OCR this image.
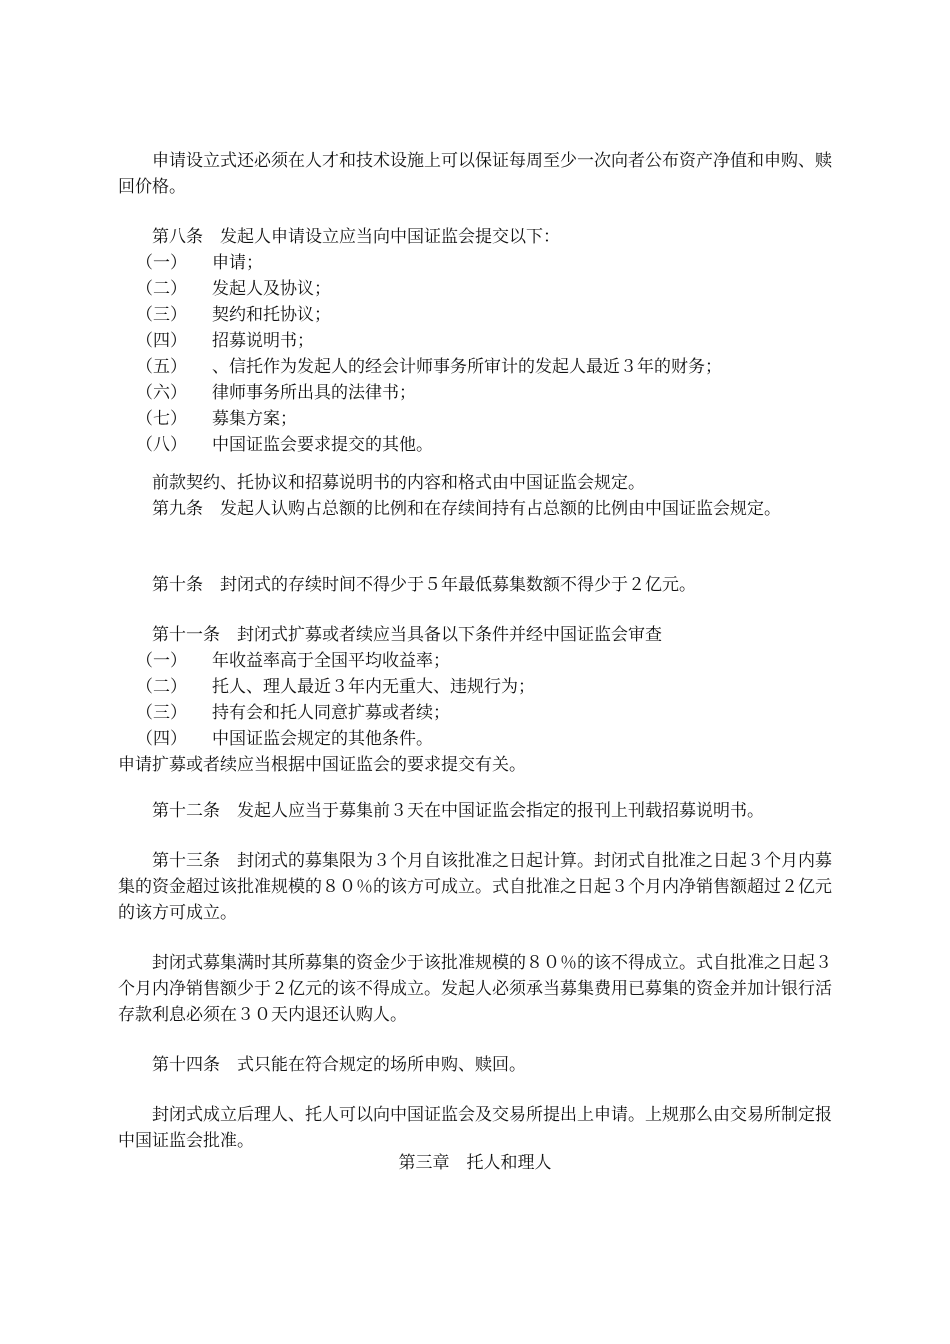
申请设立式还必须在人才和技术设施上可以保证每周至少一次向者公布资产净值和申购、赎回价格。

第八条　发起人申请设立应当向中国证监会提交以下：

（一）	申请；
（二）	发起人及协议；
（三）	契约和托协议；
（四）	招募说明书；
（五）	、信托作为发起人的经会计师事务所审计的发起人最近３年的财务；
（六）	律师事务所出具的法律书；
（七）	募集方案；
（八）	中国证监会要求提交的其他。

前款契约、托协议和招募说明书的内容和格式由中国证监会规定。

第九条　发起人认购占总额的比例和在存续间持有占总额的比例由中国证监会规定。

第十条　封闭式的存续时间不得少于５年最低募集数额不得少于２亿元。

第十一条　封闭式扩募或者续应当具备以下条件并经中国证监会审查

（一）	年收益率高于全国平均收益率；
（二）	托人、理人最近３年内无重大、违规行为；
（三）	持有会和托人同意扩募或者续；
（四）	中国证监会规定的其他条件。

申请扩募或者续应当根据中国证监会的要求提交有关。

第十二条　发起人应当于募集前３天在中国证监会指定的报刊上刊载招募说明书。

第十三条　封闭式的募集限为３个月自该批准之日起计算。封闭式自批准之日起３个月内募集的资金超过该批准规模的８０％的该方可成立。式自批准之日起３个月内净销售额超过２亿元的该方可成立。

封闭式募集满时其所募集的资金少于该批准规模的８０％的该不得成立。式自批准之日起３个月内净销售额少于２亿元的该不得成立。发起人必须承当募集费用已募集的资金并加计银行活存款利息必须在３０天内退还认购人。

第十四条　式只能在符合规定的场所申购、赎回。

封闭式成立后理人、托人可以向中国证监会及交易所提出上申请。上规那么由交易所制定报中国证监会批准。

第三章　托人和理人
